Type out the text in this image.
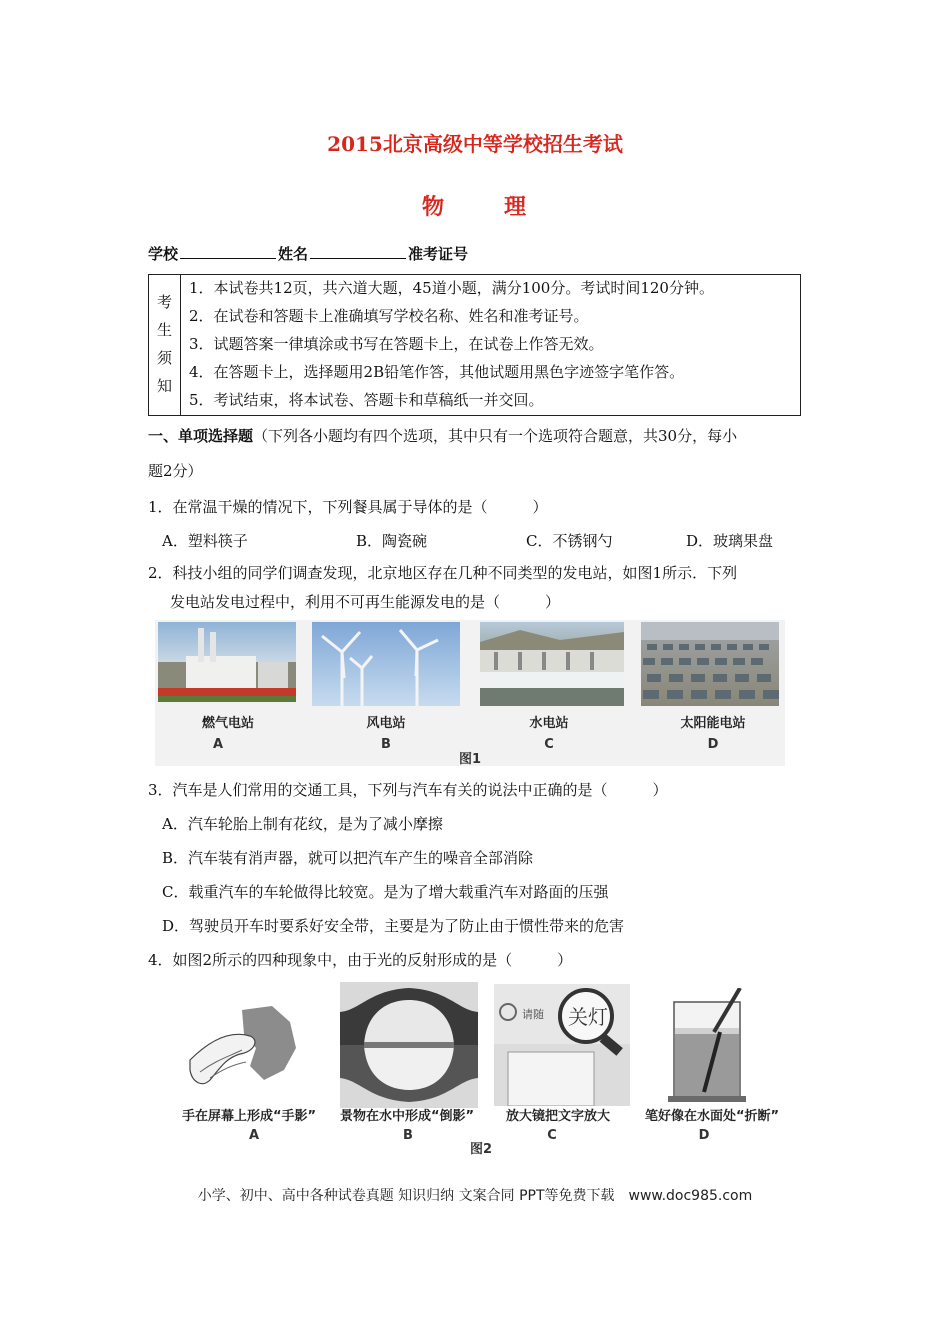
2015北京高级中等学校招生考试
物	理
学校	姓名	准考证号
考
生
须
知
1．本试卷共12页，共六道大题，45道小题，满分100分。考试时间120分钟。
2．在试卷和答题卡上准确填写学校名称、姓名和准考证号。
3．试题答案一律填涂或书写在答题卡上，在试卷上作答无效。
4．在答题卡上，选择题用2B铅笔作答，其他试题用黑色字迹签字笔作答。
5．考试结束，将本试卷、答题卡和草稿纸一并交回。
一、单项选择题（下列各小题均有四个选项，其中只有一个选项符合题意，共30分，每小
题2分）
1．在常温干燥的情况下，下列餐具属于导体的是（　　　）
A．塑料筷子	B．陶瓷碗	C．不锈钢勺	D．玻璃果盘
2．科技小组的同学们调查发现，北京地区存在几种不同类型的发电站，如图1所示．下列
发电站发电过程中，利用不可再生能源发电的是（　　　）
燃气电站	风电站	水电站	太阳能电站
A	B	C	D
图1
3．汽车是人们常用的交通工具，下列与汽车有关的说法中正确的是（　　　）
A．汽车轮胎上制有花纹，是为了减小摩擦
B．汽车装有消声器，就可以把汽车产生的噪音全部消除
C．载重汽车的车轮做得比较宽。是为了增大载重汽车对路面的压强
D．驾驶员开车时要系好安全带，主要是为了防止由于惯性带来的危害
4．如图2所示的四种现象中，由于光的反射形成的是（　　　）
请随 关灯
手在屏幕上形成“手影”	景物在水中形成“倒影”	放大镜把文字放大	笔好像在水面处“折断”
A	B	C	D
图2
小学、初中、高中各种试卷真题 知识归纳 文案合同 PPT等免费下载　www.doc985.com
